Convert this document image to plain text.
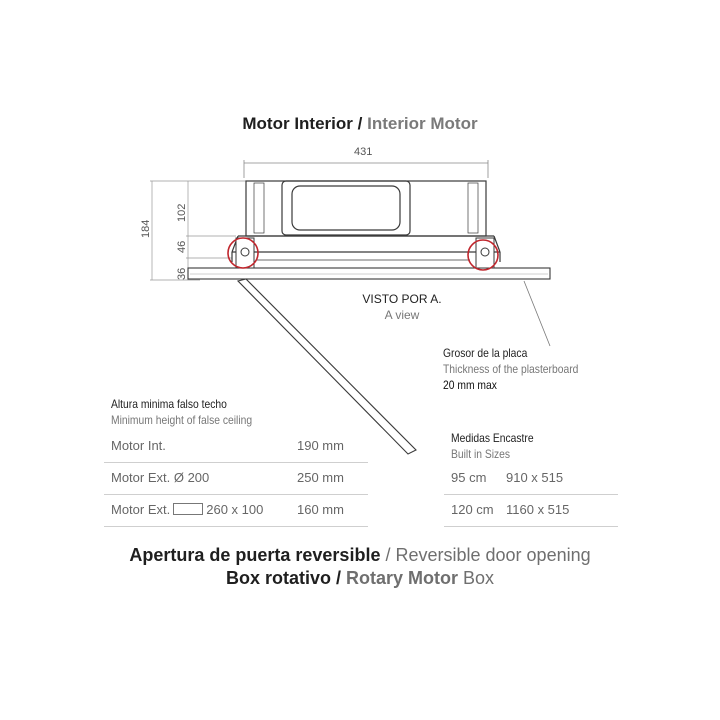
Motor Interior / Interior Motor
431
184
102
46
36
VISTO POR A.
A view
Grosor de la placa
Thickness of the plasterboard
20 mm max
Altura minima falso techo
Minimum height of false ceiling
Motor Int.	190 mm
Motor Ext. Ø 200	250 mm
Motor Ext.	260 x 100	160 mm
Medidas Encastre
Built in Sizes
95 cm 910 x 515
120 cm 1160 x 515
Apertura de puerta reversible / Reversible door opening
Box rotativo / Rotary Motor Box
